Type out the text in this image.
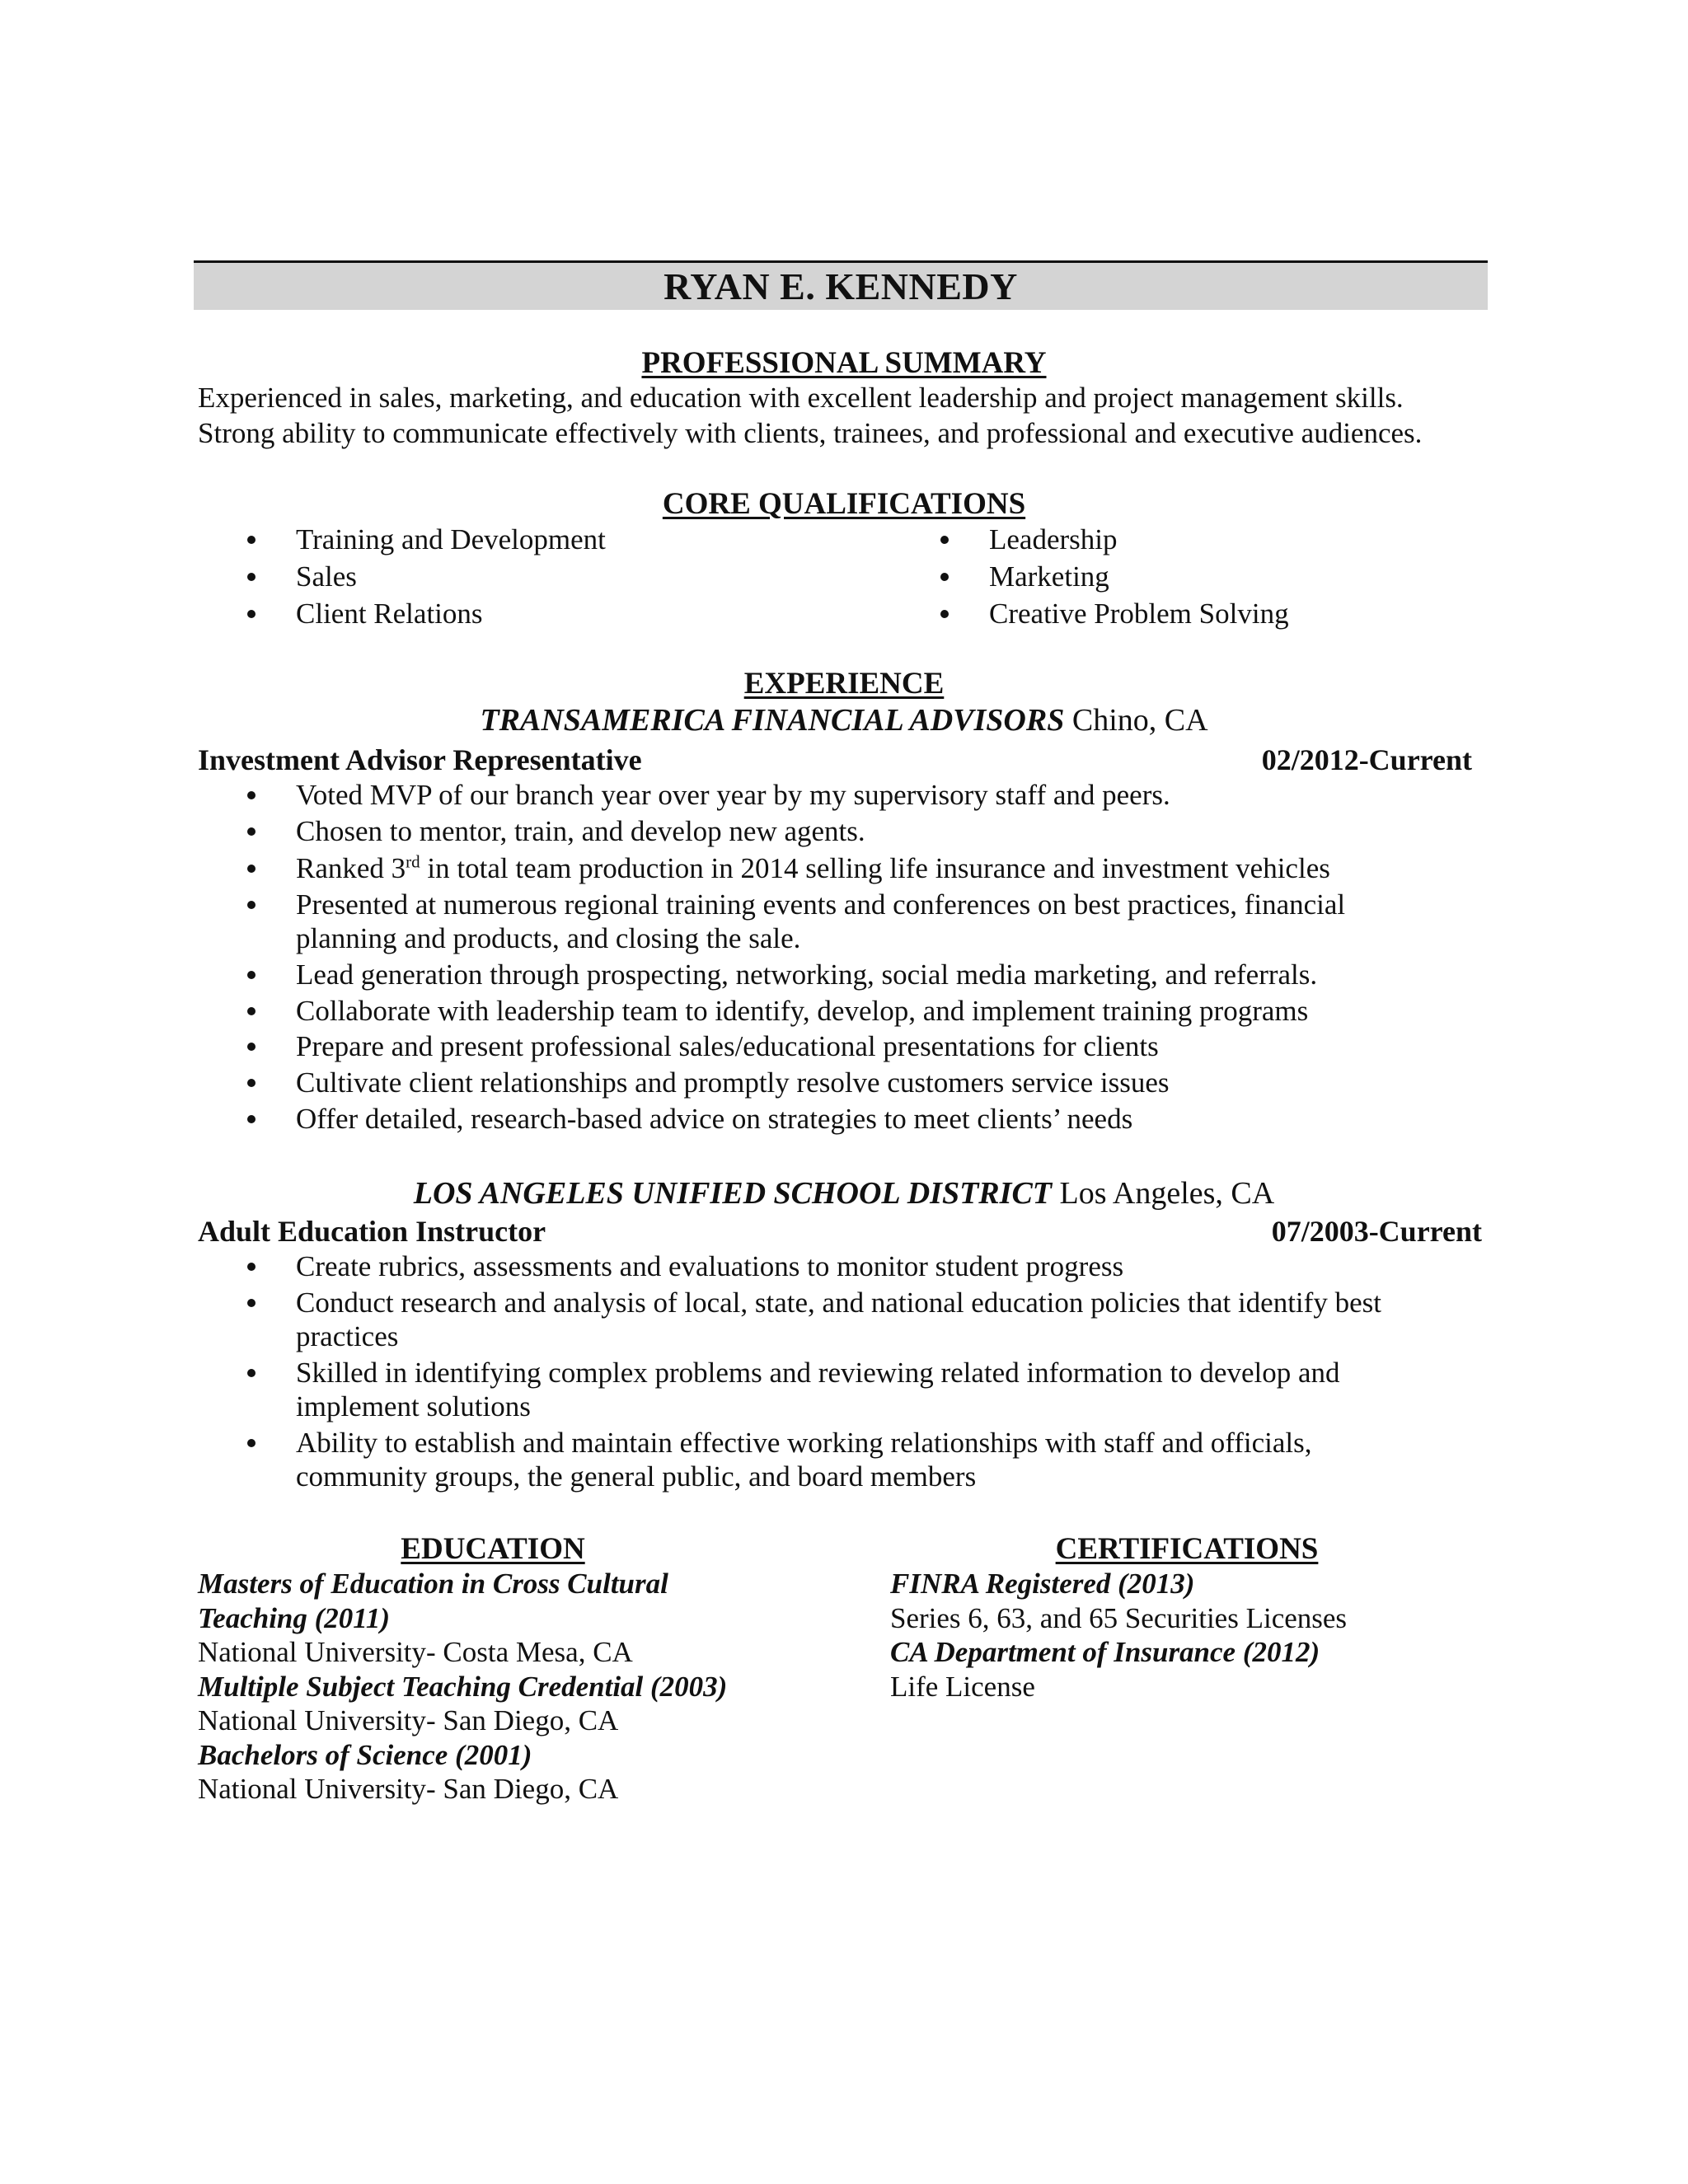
RYAN E. KENNEDY
PROFESSIONAL SUMMARY
Experienced in sales, marketing, and education with excellent leadership and project management skills.
Strong ability to communicate effectively with clients, trainees, and professional and executive audiences.
CORE QUALIFICATIONS
Training and Development
Sales
Client Relations
Leadership
Marketing
Creative Problem Solving
EXPERIENCE
TRANSAMERICA FINANCIAL ADVISORS Chino, CA
Investment Advisor Representative	02/2012-Current
Voted MVP of our branch year over year by my supervisory staff and peers.
Chosen to mentor, train, and develop new agents.
Ranked 3rd in total team production in 2014 selling life insurance and investment vehicles
Presented at numerous regional training events and conferences on best practices, financial
planning and products, and closing the sale.
Lead generation through prospecting, networking, social media marketing, and referrals.
Collaborate with leadership team to identify, develop, and implement training programs
Prepare and present professional sales/educational presentations for clients
Cultivate client relationships and promptly resolve customers service issues
Offer detailed, research-based advice on strategies to meet clients’ needs
LOS ANGELES UNIFIED SCHOOL DISTRICT Los Angeles, CA
Adult Education Instructor	07/2003-Current
Create rubrics, assessments and evaluations to monitor student progress
Conduct research and analysis of local, state, and national education policies that identify best
practices
Skilled in identifying complex problems and reviewing related information to develop and
implement solutions
Ability to establish and maintain effective working relationships with staff and officials,
community groups, the general public, and board members
EDUCATION
Masters of Education in Cross Cultural
Teaching (2011)
National University- Costa Mesa, CA
Multiple Subject Teaching Credential (2003)
National University- San Diego, CA
Bachelors of Science (2001)
National University- San Diego, CA
CERTIFICATIONS
FINRA Registered (2013)
Series 6, 63, and 65 Securities Licenses
CA Department of Insurance (2012)
Life License
